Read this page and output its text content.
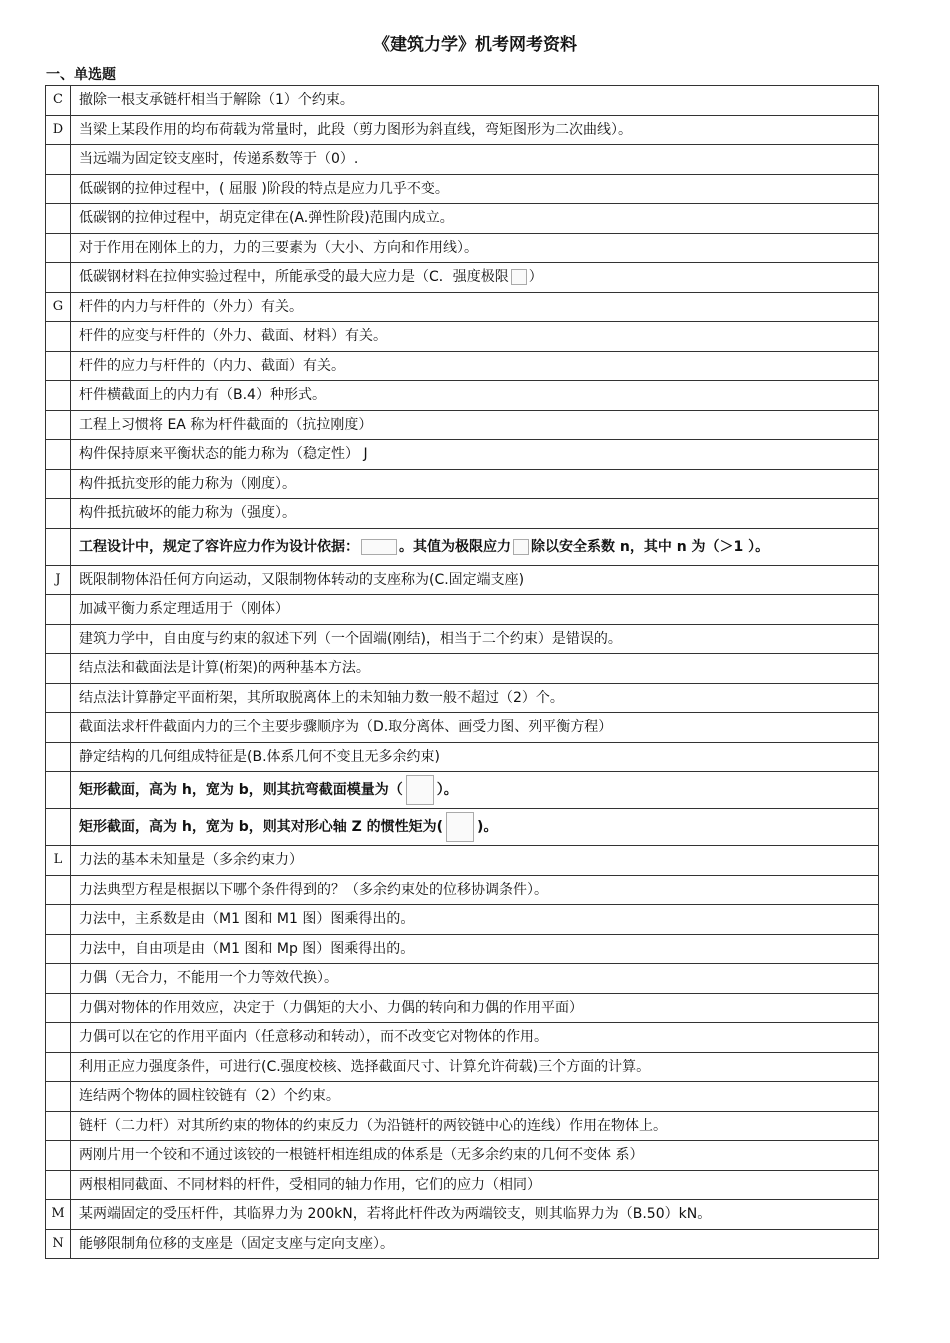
《建筑力学》机考网考资料
一、单选题
C	撤除一根支承链杆相当于解除（1）个约束。
D	当梁上某段作用的均布荷载为常量时，此段（剪力图形为斜直线，弯矩图形为二次曲线）。
	当远端为固定铰支座时，传递系数等于（0）.
	低碳钢的拉伸过程中，( 屈服 )阶段的特点是应力几乎不变。
	低碳钢的拉伸过程中，胡克定律在(A.弹性阶段)范围内成立。
	对于作用在刚体上的力，力的三要素为（大小、方向和作用线）。
	低碳钢材料在拉伸实验过程中，所能承受的最大应力是（C．强度极限 ）
G	杆件的内力与杆件的（外力）有关。
	杆件的应变与杆件的（外力、截面、材料）有关。
	杆件的应力与杆件的（内力、截面）有关。
	杆件横截面上的内力有（B.4）种形式。
	工程上习惯将 EA 称为杆件截面的（抗拉刚度）
	构件保持原来平衡状态的能力称为（稳定性） J
	构件抵抗变形的能力称为（刚度）。
	构件抵抗破坏的能力称为（强度）。
	工程设计中，规定了容许应力作为设计依据： 。其值为极限应力 除以安全系数 n，其中 n 为（＞1 ）。
J	既限制物体沿任何方向运动，又限制物体转动的支座称为(C.固定端支座)
	加减平衡力系定理适用于（刚体）
	建筑力学中，自由度与约束的叙述下列（一个固端(刚结)，相当于二个约束）是错误的。
	结点法和截面法是计算(桁架)的两种基本方法。
	结点法计算静定平面桁架，其所取脱离体上的未知轴力数一般不超过（2）个。
	截面法求杆件截面内力的三个主要步骤顺序为（D.取分离体、画受力图、列平衡方程）
	静定结构的几何组成特征是(B.体系几何不变且无多余约束)
	矩形截面，高为 h，宽为 b，则其抗弯截面模量为（ ）。
	矩形截面，高为 h，宽为 b，则其对形心轴 Z 的惯性矩为( )。
L	力法的基本未知量是（多余约束力）
	力法典型方程是根据以下哪个条件得到的？（多余约束处的位移协调条件）。
	力法中，主系数是由（M1 图和 M1 图）图乘得出的。
	力法中，自由项是由（M1 图和 Mp 图）图乘得出的。
	力偶（无合力，不能用一个力等效代换）。
	力偶对物体的作用效应，决定于（力偶矩的大小、力偶的转向和力偶的作用平面）
	力偶可以在它的作用平面内（任意移动和转动），而不改变它对物体的作用。
	利用正应力强度条件，可进行(C.强度校核、选择截面尺寸、计算允许荷载)三个方面的计算。
	连结两个物体的圆柱铰链有（2）个约束。
	链杆（二力杆）对其所约束的物体的约束反力（为沿链杆的两铰链中心的连线）作用在物体上。
	两刚片用一个铰和不通过该铰的一根链杆相连组成的体系是（无多余约束的几何不变体 系）
	两根相同截面、不同材料的杆件，受相同的轴力作用，它们的应力（相同）
M	某两端固定的受压杆件，其临界力为 200kN，若将此杆件改为两端铰支，则其临界力为（B.50）kN。
N	能够限制角位移的支座是（固定支座与定向支座）。
